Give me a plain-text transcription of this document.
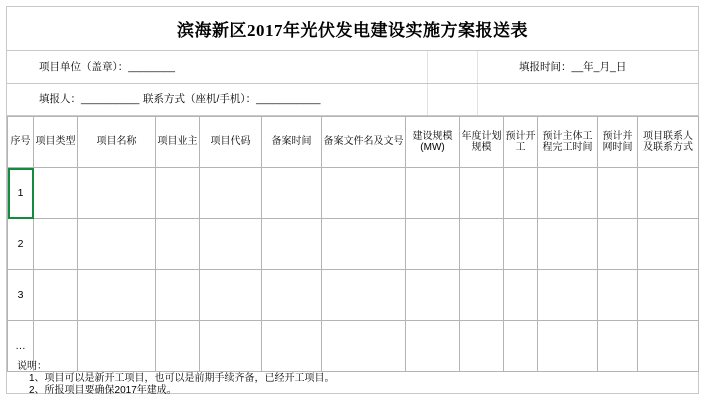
滨海新区2017年光伏发电建设实施方案报送表
项目单位（盖章）：________	填报时间：__年_月_日
填报人：__________ 联系方式（座机/手机）：___________
序号	项目类型	项目名称	项目业主	项目代码	备案时间	备案文件名及文号	建设规模(MW)	年度计划规模	预计开工	预计主体工程完工时间	预计并网时间	项目联系人及联系方式
1												
2												
3												
…												
说明：
1、项目可以是新开工项目，也可以是前期手续齐备，已经开工项目。
2、所报项目要确保2017年建成。
